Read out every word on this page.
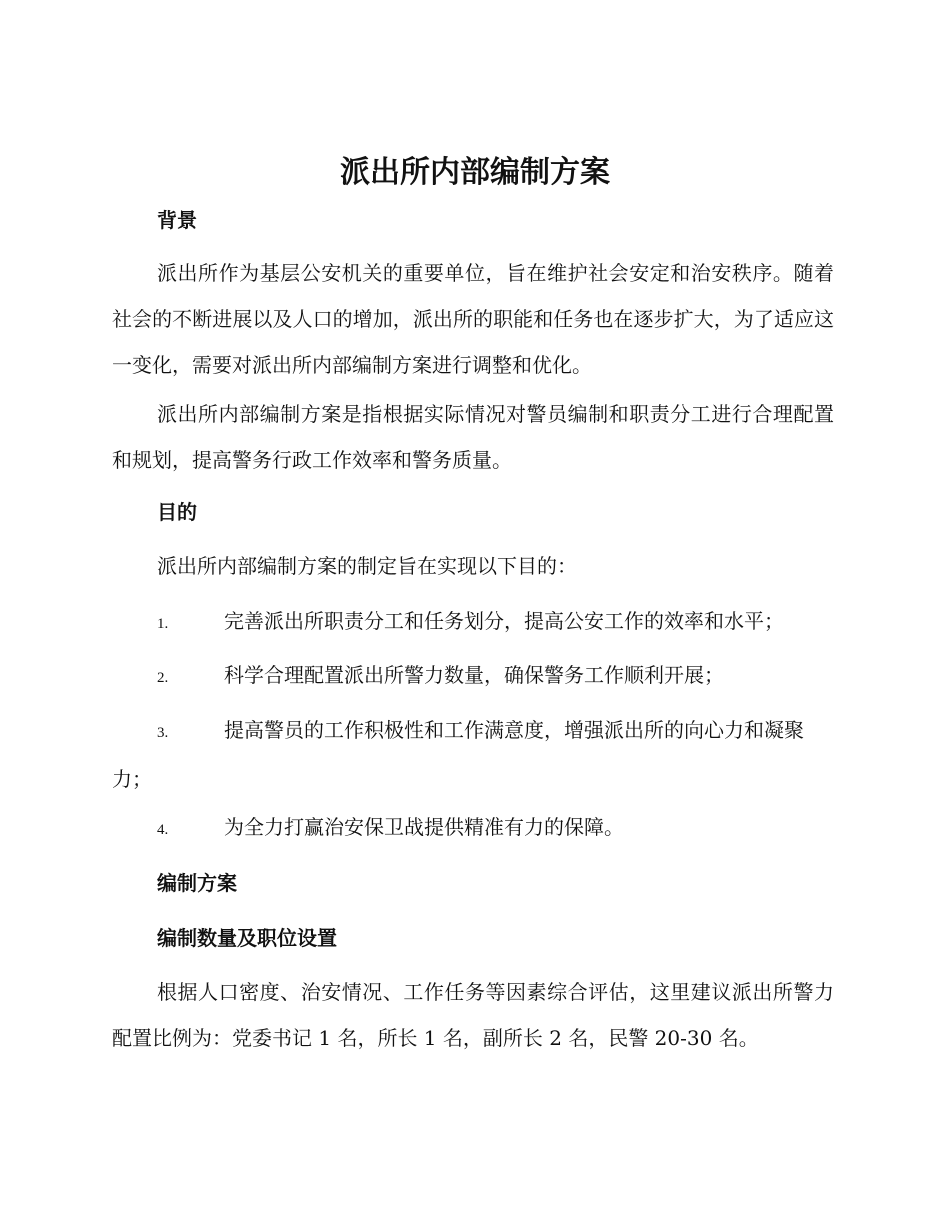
派出所内部编制方案
背景

派出所作为基层公安机关的重要单位，旨在维护社会安定和治安秩序。随着社会的不断进展以及人口的增加，派出所的职能和任务也在逐步扩大，为了适应这一变化，需要对派出所内部编制方案进行调整和优化。

派出所内部编制方案是指根据实际情况对警员编制和职责分工进行合理配置和规划，提高警务行政工作效率和警务质量。

目的

派出所内部编制方案的制定旨在实现以下目的：

1.	完善派出所职责分工和任务划分，提高公安工作的效率和水平；

2.	科学合理配置派出所警力数量，确保警务工作顺利开展；

3.	提高警员的工作积极性和工作满意度，增强派出所的向心力和凝聚力；

4.	为全力打赢治安保卫战提供精准有力的保障。

编制方案
编制数量及职位设置

根据人口密度、治安情况、工作任务等因素综合评估，这里建议派出所警力配置比例为：党委书记 1 名，所长 1 名，副所长 2 名，民警 20-30 名。
